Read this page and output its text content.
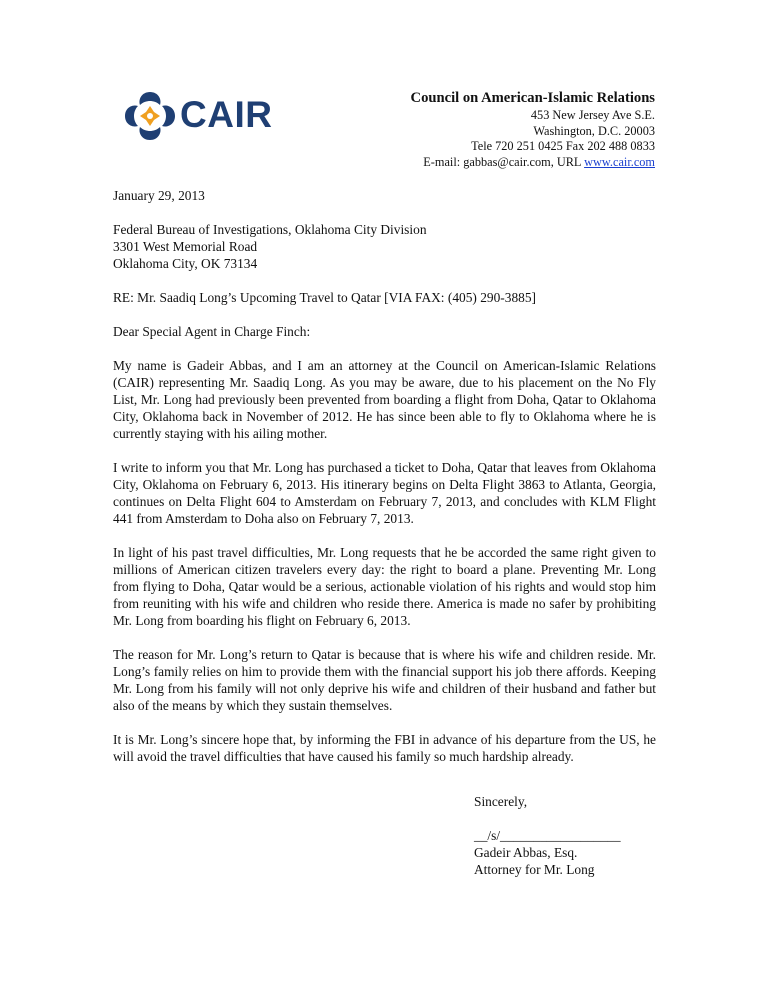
CAIR	Council on American-Islamic Relations
453 New Jersey Ave S.E.
Washington, D.C. 20003
Tele 720 251 0425 Fax 202 488 0833
E-mail: gabbas@cair.com, URL www.cair.com

January 29, 2013

Federal Bureau of Investigations, Oklahoma City Division

3301 West Memorial Road

Oklahoma City, OK 73134

RE: Mr. Saadiq Long’s Upcoming Travel to Qatar [VIA FAX: (405) 290-3885]

Dear Special Agent in Charge Finch:

My name is Gadeir Abbas, and I am an attorney at the Council on American-Islamic Relations (CAIR) representing Mr. Saadiq Long. As you may be aware, due to his placement on the No Fly List, Mr. Long had previously been prevented from boarding a flight from Doha, Qatar to Oklahoma City, Oklahoma back in November of 2012. He has since been able to fly to Oklahoma where he is currently staying with his ailing mother.

I write to inform you that Mr. Long has purchased a ticket to Doha, Qatar that leaves from Oklahoma City, Oklahoma on February 6, 2013. His itinerary begins on Delta Flight 3863 to Atlanta, Georgia, continues on Delta Flight 604 to Amsterdam on February 7, 2013, and concludes with KLM Flight 441 from Amsterdam to Doha also on February 7, 2013.

In light of his past travel difficulties, Mr. Long requests that he be accorded the same right given to millions of American citizen travelers every day: the right to board a plane. Preventing Mr. Long from flying to Doha, Qatar would be a serious, actionable violation of his rights and would stop him from reuniting with his wife and children who reside there. America is made no safer by prohibiting Mr. Long from boarding his flight on February 6, 2013.

The reason for Mr. Long’s return to Qatar is because that is where his wife and children reside. Mr. Long’s family relies on him to provide them with the financial support his job there affords. Keeping Mr. Long from his family will not only deprive his wife and children of their husband and father but also of the means by which they sustain themselves.

It is Mr. Long’s sincere hope that, by informing the FBI in advance of his departure from the US, he will avoid the travel difficulties that have caused his family so much hardship already.

Sincerely,

__/s/__________________

Gadeir Abbas, Esq.

Attorney for Mr. Long
